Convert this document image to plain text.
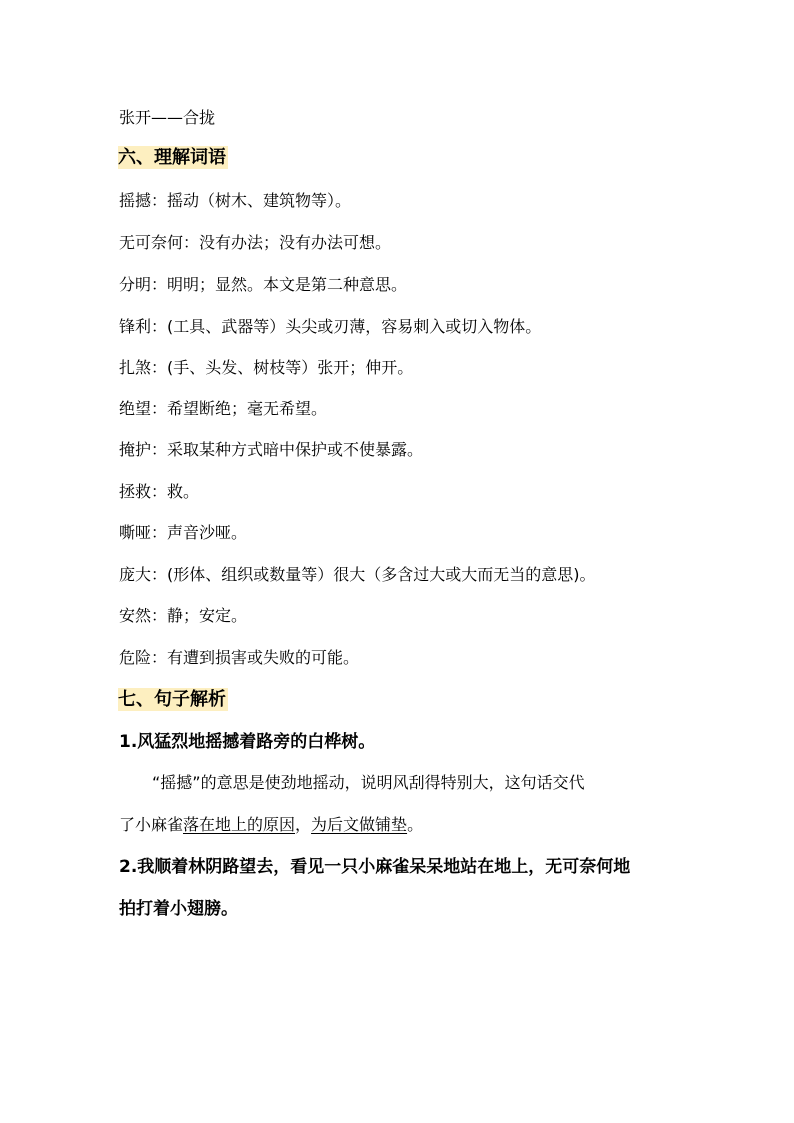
张开——合拢
六、理解词语
摇撼：摇动（树木、建筑物等）。
无可奈何：没有办法；没有办法可想。
分明：明明；显然。本文是第二种意思。
锋利：(工具、武器等）头尖或刃薄，容易刺入或切入物体。
扎煞：(手、头发、树枝等）张开；伸开。
绝望：希望断绝；毫无希望。
掩护：采取某种方式暗中保护或不使暴露。
拯救：救。
嘶哑：声音沙哑。
庞大：(形体、组织或数量等）很大（多含过大或大而无当的意思)。
安然：静；安定。
危险：有遭到损害或失败的可能。
七、句子解析
1.风猛烈地摇撼着路旁的白桦树。
“摇撼”的意思是使劲地摇动，说明风刮得特别大，这句话交代
了小麻雀落在地上的原因，为后文做铺垫。
2.我顺着林阴路望去，看见一只小麻雀呆呆地站在地上，无可奈何地
拍打着小翅膀。
